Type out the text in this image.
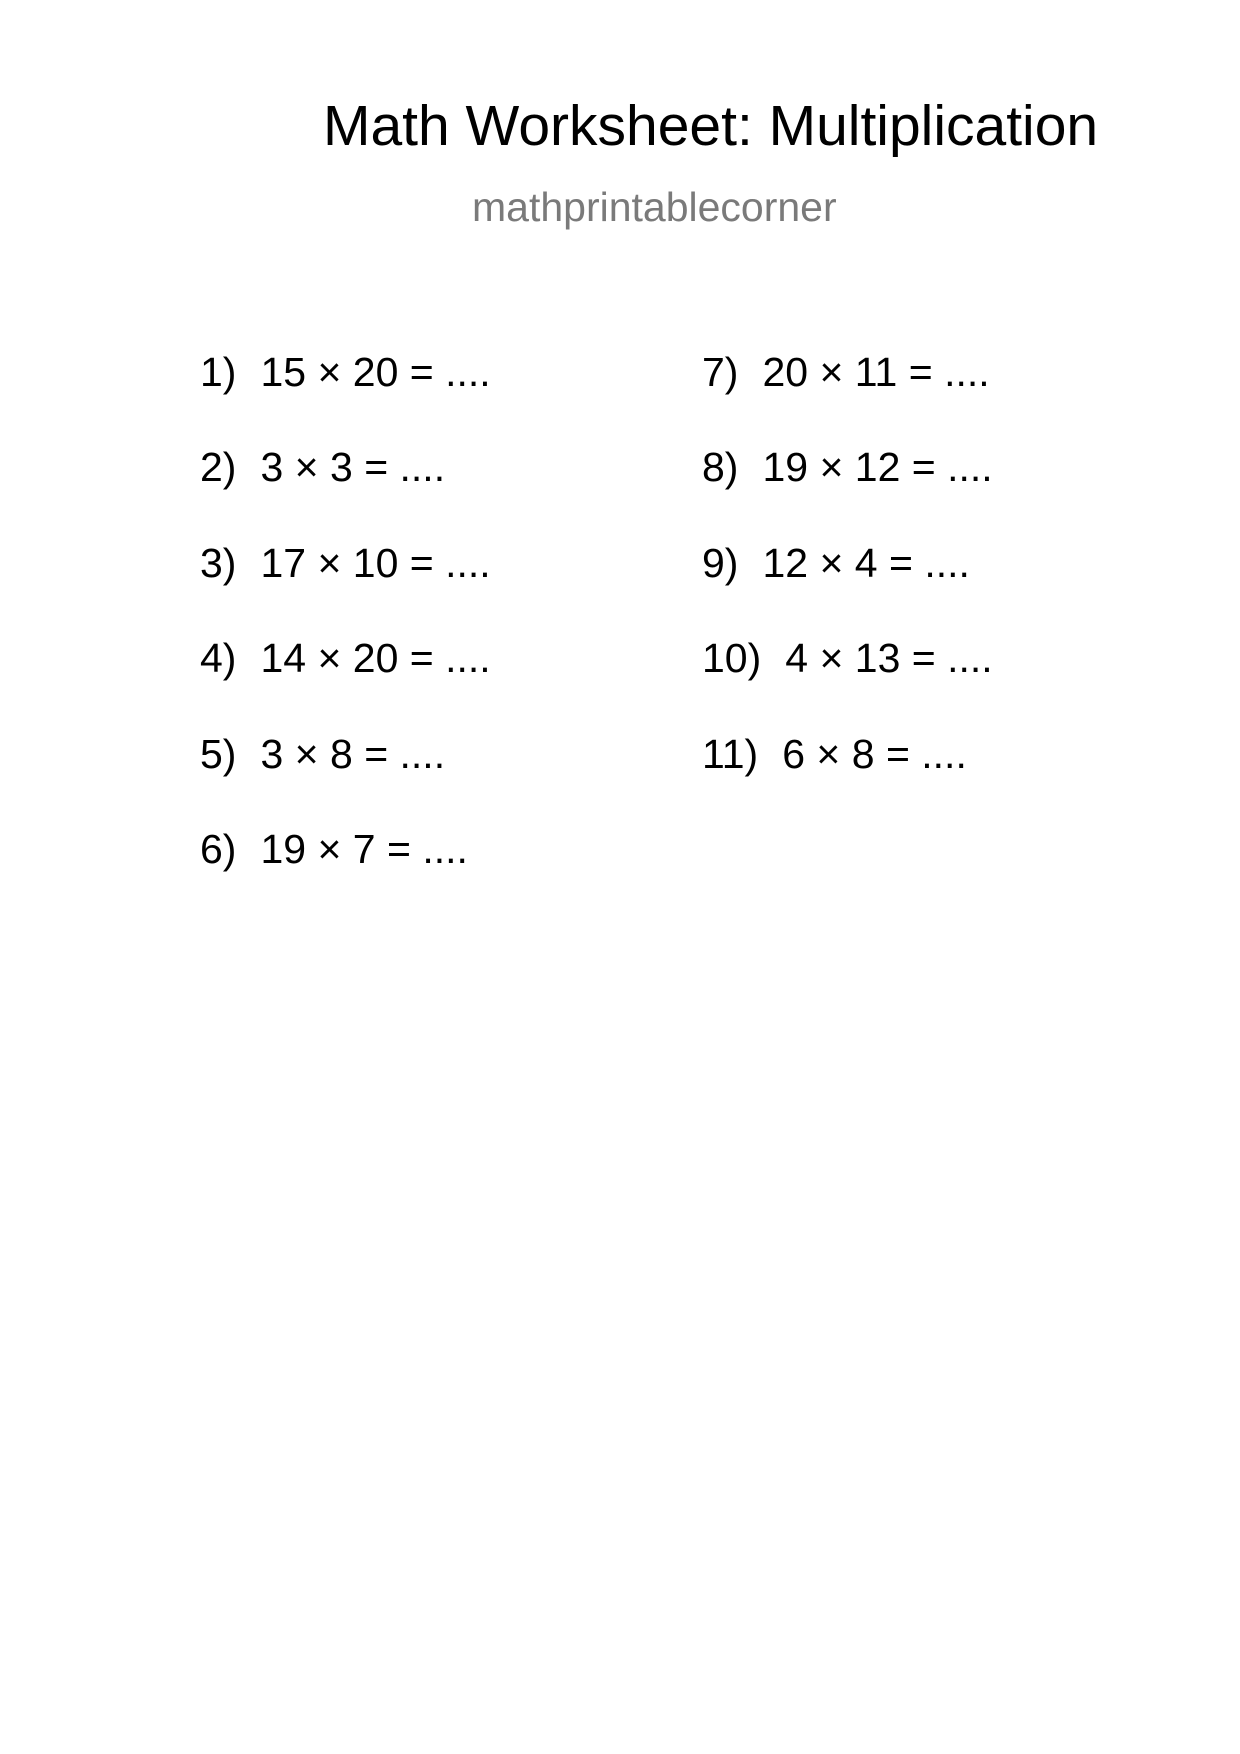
Math Worksheet: Multiplication
mathprintablecorner
1) 15 × 20 = ....
2) 3 × 3 = ....
3) 17 × 10 = ....
4) 14 × 20 = ....
5) 3 × 8 = ....
6) 19 × 7 = ....
7) 20 × 11 = ....
8) 19 × 12 = ....
9) 12 × 4 = ....
10) 4 × 13 = ....
11) 6 × 8 = ....
